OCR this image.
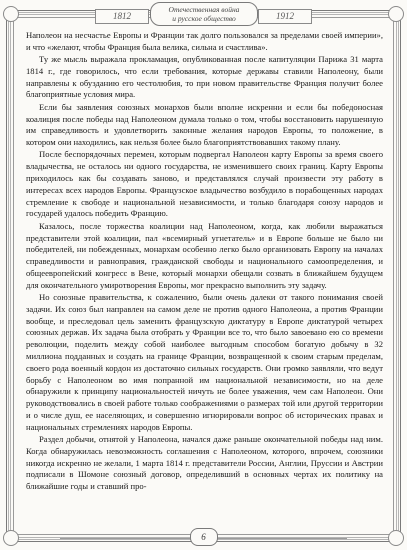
1812
Отечественная война
и русское общество	1912

Наполеон на несчастье Европы и Франции так долго пользовался за пределами своей империи», и что «желают, чтобы Франция была велика, сильна и счастлива».

Ту же мысль выражала прокламация, опубликованная после капитуляции Парижа 31 марта 1814 г., где говорилось, что если требования, которые державы ставили Наполеону, были направлены к обузданию его честолюбия, то при новом правительстве Франция получит более благоприятные условия мира.

Если бы заявления союзных монархов были вполне искренни и если бы победоносная коалиция после победы над Наполеоном думала только о том, чтобы восстановить нарушенную им справедливость и удовлетворить законные желания народов Европы, то положение, в котором они находились, как нельзя более было благоприятствовавших такому плану.

После беспорядочных перемен, которым подвергал Наполеон карту Европы за время своего владычества, не осталось ни одного государства, не изменившего своих границ. Карту Европы приходилось как бы создавать заново, и представлялся случай произвести эту работу в интересах всех народов Европы. Французское владычество возбудило в порабощенных народах стремление к свободе и национальной независимости, и только благодаря союзу народов и государей удалось победить Францию.

Казалось, после торжества коалиции над Наполеоном, когда, как любили выражаться представители этой коалиции, пал «всемирный угнетатель» и в Европе больше не было ни победителей, ни побежденных, монархам особенно легко было организовать Европу на началах справедливости и равноправия, гражданской свободы и национального самоопределения, и общеевропейский конгресс в Вене, который монархи обещали созвать в ближайшем будущем для окончательного умиротворения Европы, мог прекрасно выполнить эту задачу.

Но союзные правительства, к сожалению, были очень далеки от такого понимания своей задачи. Их союз был направлен на самом деле не против одного Наполеона, а против Франции вообще, и преследовал цель заменить французскую диктатуру в Европе диктатурой четырех союзных держав. Их задача была отобрать у Франции все то, что было завоевано ею со времени революции, поделить между собой наиболее выгодным способом богатую добычу в 32 миллиона подданных и создать на границе Франции, возвращенной к своим старым пределам, своего рода военный кордон из достаточно сильных государств. Они громко заявляли, что ведут борьбу с Наполеоном во имя попранной им национальной независимости, но на деле обнаружили к принципу национальностей ничуть не более уважения, чем сам Наполеон. Они руководствовались в своей работе только соображениями о размерах той или другой территории и о числе душ, ее населяющих, и совершенно игнорировали вопрос об исторических правах и национальных стремлениях народов Европы.

Раздел добычи, отнятой у Наполеона, начался даже раньше окончательной победы над ним. Когда обнаружилась невозможность соглашения с Наполеоном, которого, впрочем, союзники никогда искренно не желали, 1 марта 1814 г. представители России, Англии, Пруссии и Австрии подписали в Шомоне союзный договор, определивший в основных чертах их политику на ближайшие годы и ставший про-

6
